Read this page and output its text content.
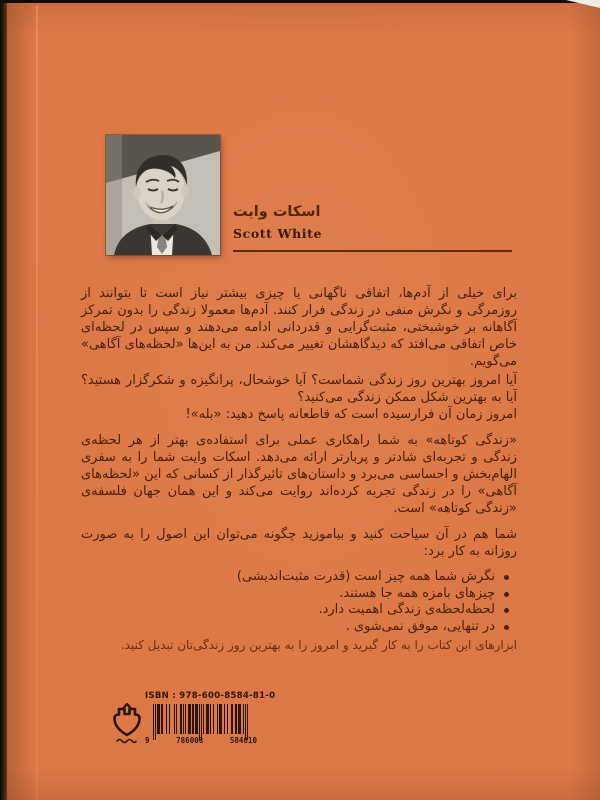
اسکات وایت
Scott White

برای خیلی از آدم‌ها، اتفاقی ناگهانی یا چیزی بیشتر نیاز است تا بتوانند از روزمرگی و نگرش منفی در زندگی فرار کنند. آدم‌ها معمولا زندگی را بدون تمرکز آگاهانه بر خوشبختی، مثبت‌گرایی و قدردانی ادامه می‌دهند و سپس در لحظه‌ای خاص اتفاقی می‌افتد که دیدگاهشان تغییر می‌کند. من به این‌ها «لحظه‌های آگاهی» می‌گویم.

آیا امروز بهترین روز زندگی شماست؟ آیا خوشحال، پرانگیزه و شکرگزار هستید؟ آیا به بهترین شکل ممکن زندگی می‌کنید؟

امروز زمان آن فرارسیده است که قاطعانه پاسخ دهید: «بله»!

«زندگی کوتاهه» به شما راهکاری عملی برای استفاده‌ی بهتر از هر لحظه‌ی زندگی و تجربه‌ای شادتر و پربارتر ارائه می‌دهد. اسکات وایت شما را به سفری الهام‌بخش و احساسی می‌برد و داستان‌های تاثیرگذار از کسانی که این «لحظه‌های آگاهی» را در زندگی تجربه کرده‌اند روایت می‌کند و این همان جهان فلسفه‌ی «زندگی کوتاهه» است.

شما هم در آن سیاحت کنید و بیاموزید چگونه می‌توان این اصول را به صورت روزانه به کار برد:

نگرش شما همه چیز است (قدرت مثبت‌اندیشی)
چیزهای بامزه همه جا هستند.
لحظه‌لحظه‌ی زندگی اهمیت دارد.
در تنهایی، موفق نمی‌شوی .
ابزارهای این کتاب را به کار گیرید و امروز را به بهترین روز زندگی‌تان تبدیل کنید.
ISBN : 978-600-8584-81-0
9	786008	584810
